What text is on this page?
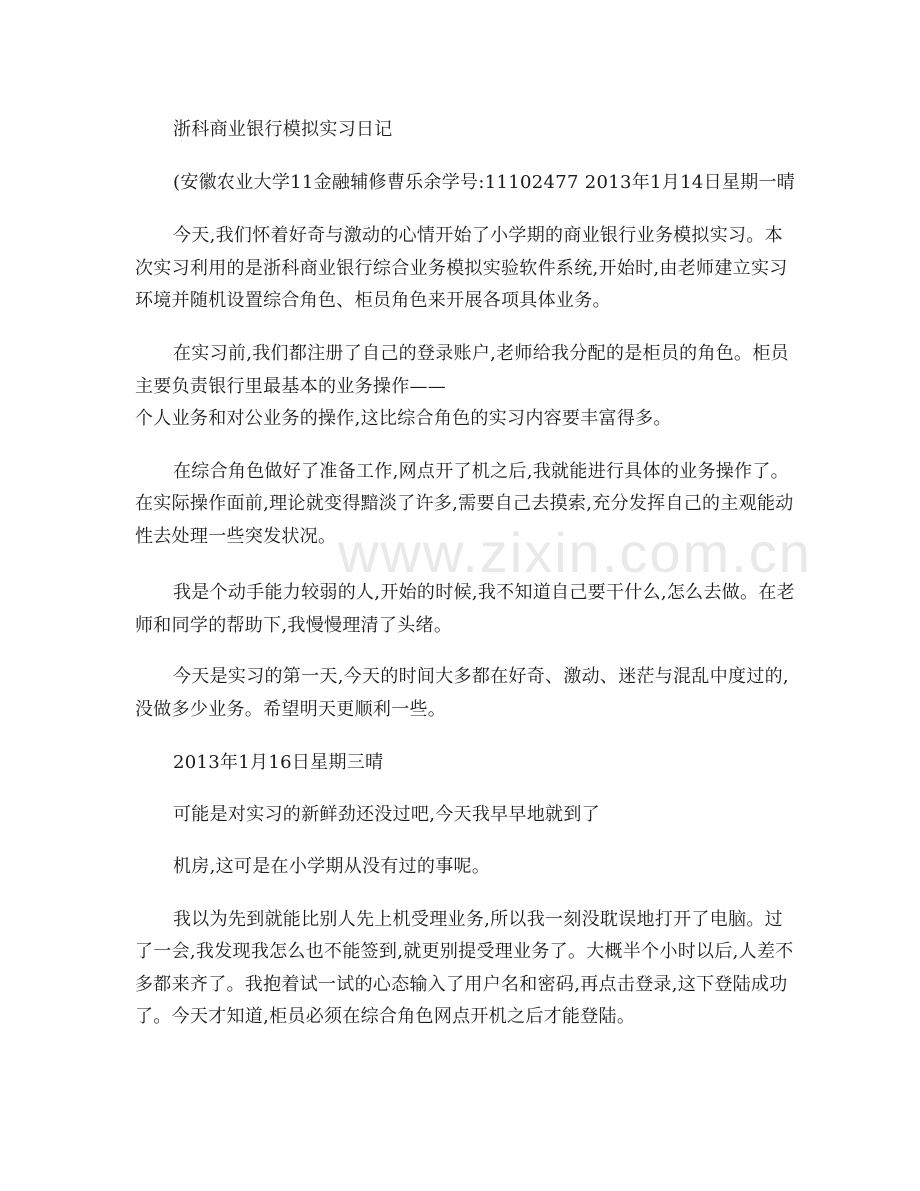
www.zixin.com.cn
浙科商业银行模拟实习日记
(安徽农业大学11金融辅修曹乐余学号:11102477 2013年1月14日星期一晴
今天,我们怀着好奇与激动的心情开始了小学期的商业银行业务模拟实习。本
次实习利用的是浙科商业银行综合业务模拟实验软件系统,开始时,由老师建立实习
环境并随机设置综合角色、柜员角色来开展各项具体业务。
在实习前,我们都注册了自己的登录账户,老师给我分配的是柜员的角色。柜员
主要负责银行里最基本的业务操作——
个人业务和对公业务的操作,这比综合角色的实习内容要丰富得多。
在综合角色做好了准备工作,网点开了机之后,我就能进行具体的业务操作了。
在实际操作面前,理论就变得黯淡了许多,需要自己去摸索,充分发挥自己的主观能动
性去处理一些突发状况。
我是个动手能力较弱的人,开始的时候,我不知道自己要干什么,怎么去做。在老
师和同学的帮助下,我慢慢理清了头绪。
今天是实习的第一天,今天的时间大多都在好奇、激动、迷茫与混乱中度过的,
没做多少业务。希望明天更顺利一些。
2013年1月16日星期三晴
可能是对实习的新鲜劲还没过吧,今天我早早地就到了
机房,这可是在小学期从没有过的事呢。
我以为先到就能比别人先上机受理业务,所以我一刻没耽误地打开了电脑。过
了一会,我发现我怎么也不能签到,就更别提受理业务了。大概半个小时以后,人差不
多都来齐了。我抱着试一试的心态输入了用户名和密码,再点击登录,这下登陆成功
了。今天才知道,柜员必须在综合角色网点开机之后才能登陆。
